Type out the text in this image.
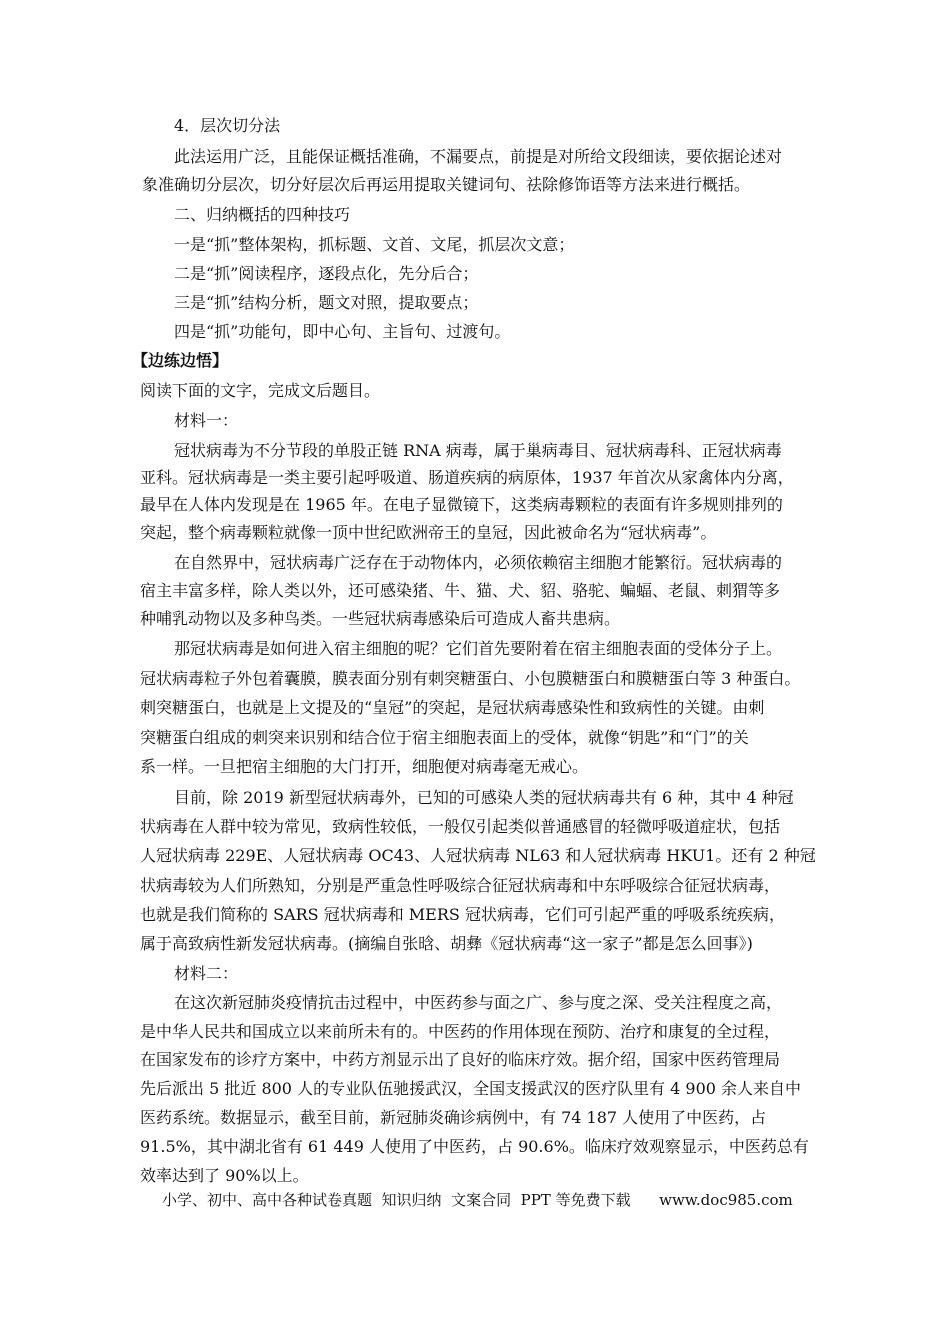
4．层次切分法

此法运用广泛，且能保证概括准确，不漏要点，前提是对所给文段细读，要依据论述对

象准确切分层次，切分好层次后再运用提取关键词句、祛除修饰语等方法来进行概括。

二、归纳概括的四种技巧

一是“抓”整体架构，抓标题、文首、文尾，抓层次文意；

二是“抓”阅读程序，逐段点化，先分后合；

三是“抓”结构分析，题文对照，提取要点；

四是“抓”功能句，即中心句、主旨句、过渡句。

【边练边悟】

阅读下面的文字，完成文后题目。

材料一：

冠状病毒为不分节段的单股正链 RNA 病毒，属于巢病毒目、冠状病毒科、正冠状病毒

亚科。冠状病毒是一类主要引起呼吸道、肠道疾病的病原体，1937 年首次从家禽体内分离，

最早在人体内发现是在 1965 年。在电子显微镜下，这类病毒颗粒的表面有许多规则排列的

突起，整个病毒颗粒就像一顶中世纪欧洲帝王的皇冠，因此被命名为“冠状病毒”。

在自然界中，冠状病毒广泛存在于动物体内，必须依赖宿主细胞才能繁衍。冠状病毒的

宿主丰富多样，除人类以外，还可感染猪、牛、猫、犬、貂、骆驼、蝙蝠、老鼠、刺猬等多

种哺乳动物以及多种鸟类。一些冠状病毒感染后可造成人畜共患病。

那冠状病毒是如何进入宿主细胞的呢？它们首先要附着在宿主细胞表面的受体分子上。

冠状病毒粒子外包着囊膜，膜表面分别有刺突糖蛋白、小包膜糖蛋白和膜糖蛋白等 3 种蛋白。

刺突糖蛋白，也就是上文提及的“皇冠”的突起，是冠状病毒感染性和致病性的关键。由刺

突糖蛋白组成的刺突来识别和结合位于宿主细胞表面上的受体，就像“钥匙”和“门”的关

系一样。一旦把宿主细胞的大门打开，细胞便对病毒毫无戒心。

目前，除 2019 新型冠状病毒外，已知的可感染人类的冠状病毒共有 6 种，其中 4 种冠

状病毒在人群中较为常见，致病性较低，一般仅引起类似普通感冒的轻微呼吸道症状，包括

人冠状病毒 229E、人冠状病毒 OC43、人冠状病毒 NL63 和人冠状病毒 HKU1。还有 2 种冠

状病毒较为人们所熟知，分别是严重急性呼吸综合征冠状病毒和中东呼吸综合征冠状病毒，

也就是我们简称的 SARS 冠状病毒和 MERS 冠状病毒，它们可引起严重的呼吸系统疾病，

属于高致病性新发冠状病毒。(摘编自张晗、胡彝《冠状病毒“这一家子”都是怎么回事》)

材料二：

在这次新冠肺炎疫情抗击过程中，中医药参与面之广、参与度之深、受关注程度之高，

是中华人民共和国成立以来前所未有的。中医药的作用体现在预防、治疗和康复的全过程，

在国家发布的诊疗方案中，中药方剂显示出了良好的临床疗效。据介绍，国家中医药管理局

先后派出 5 批近 800 人的专业队伍驰援武汉，全国支援武汉的医疗队里有 4 900 余人来自中

医药系统。数据显示，截至目前，新冠肺炎确诊病例中，有 74 187 人使用了中医药，占

91.5%，其中湖北省有 61 449 人使用了中医药，占 90.6%。临床疗效观察显示，中医药总有

效率达到了 90%以上。

小学、初中、高中各种试卷真题  知识归纳  文案合同  PPT 等免费下载      www.doc985.com
